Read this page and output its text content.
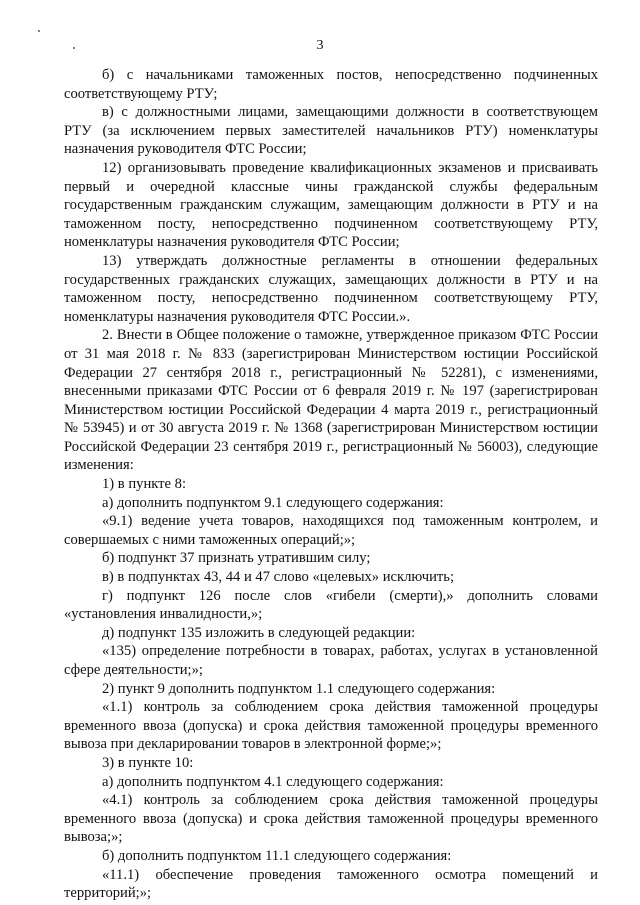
3

б) с начальниками таможенных постов, непосредственно подчиненных соответствующему РТУ;

в) с должностными лицами, замещающими должности в соответствующем РТУ (за исключением первых заместителей начальников РТУ) номенклатуры назначения руководителя ФТС России;

12) организовывать проведение квалификационных экзаменов и присваивать первый и очередной классные чины гражданской службы федеральным государственным гражданским служащим, замещающим должности в РТУ и на таможенном посту, непосредственно подчиненном соответствующему РТУ, номенклатуры назначения руководителя ФТС России;

13) утверждать должностные регламенты в отношении федеральных государственных гражданских служащих, замещающих должности в РТУ и на таможенном посту, непосредственно подчиненном соответствующему РТУ, номенклатуры назначения руководителя ФТС России.».

2. Внести в Общее положение о таможне, утвержденное приказом ФТС России от 31 мая 2018 г. № 833 (зарегистрирован Министерством юстиции Российской Федерации 27 сентября 2018 г., регистрационный № 52281), с изменениями, внесенными приказами ФТС России от 6 февраля 2019 г. № 197 (зарегистрирован Министерством юстиции Российской Федерации 4 марта 2019 г., регистрационный № 53945) и от 30 августа 2019 г. № 1368 (зарегистрирован Министерством юстиции Российской Федерации 23 сентября 2019 г., регистрационный № 56003), следующие изменения:

1) в пункте 8:

а) дополнить подпунктом 9.1 следующего содержания:

«9.1) ведение учета товаров, находящихся под таможенным контролем, и совершаемых с ними таможенных операций;»;

б) подпункт 37 признать утратившим силу;

в) в подпунктах 43, 44 и 47 слово «целевых» исключить;

г) подпункт 126 после слов «гибели (смерти),» дополнить словами «установления инвалидности,»;

д) подпункт 135 изложить в следующей редакции:

«135) определение потребности в товарах, работах, услугах в установленной сфере деятельности;»;

2) пункт 9 дополнить подпунктом 1.1 следующего содержания:

«1.1) контроль за соблюдением срока действия таможенной процедуры временного ввоза (допуска) и срока действия таможенной процедуры временного вывоза при декларировании товаров в электронной форме;»;

3) в пункте 10:

а) дополнить подпунктом 4.1 следующего содержания:

«4.1) контроль за соблюдением срока действия таможенной процедуры временного ввоза (допуска) и срока действия таможенной процедуры временного вывоза;»;

б) дополнить подпунктом 11.1 следующего содержания:

«11.1) обеспечение проведения таможенного осмотра помещений и территорий;»;
